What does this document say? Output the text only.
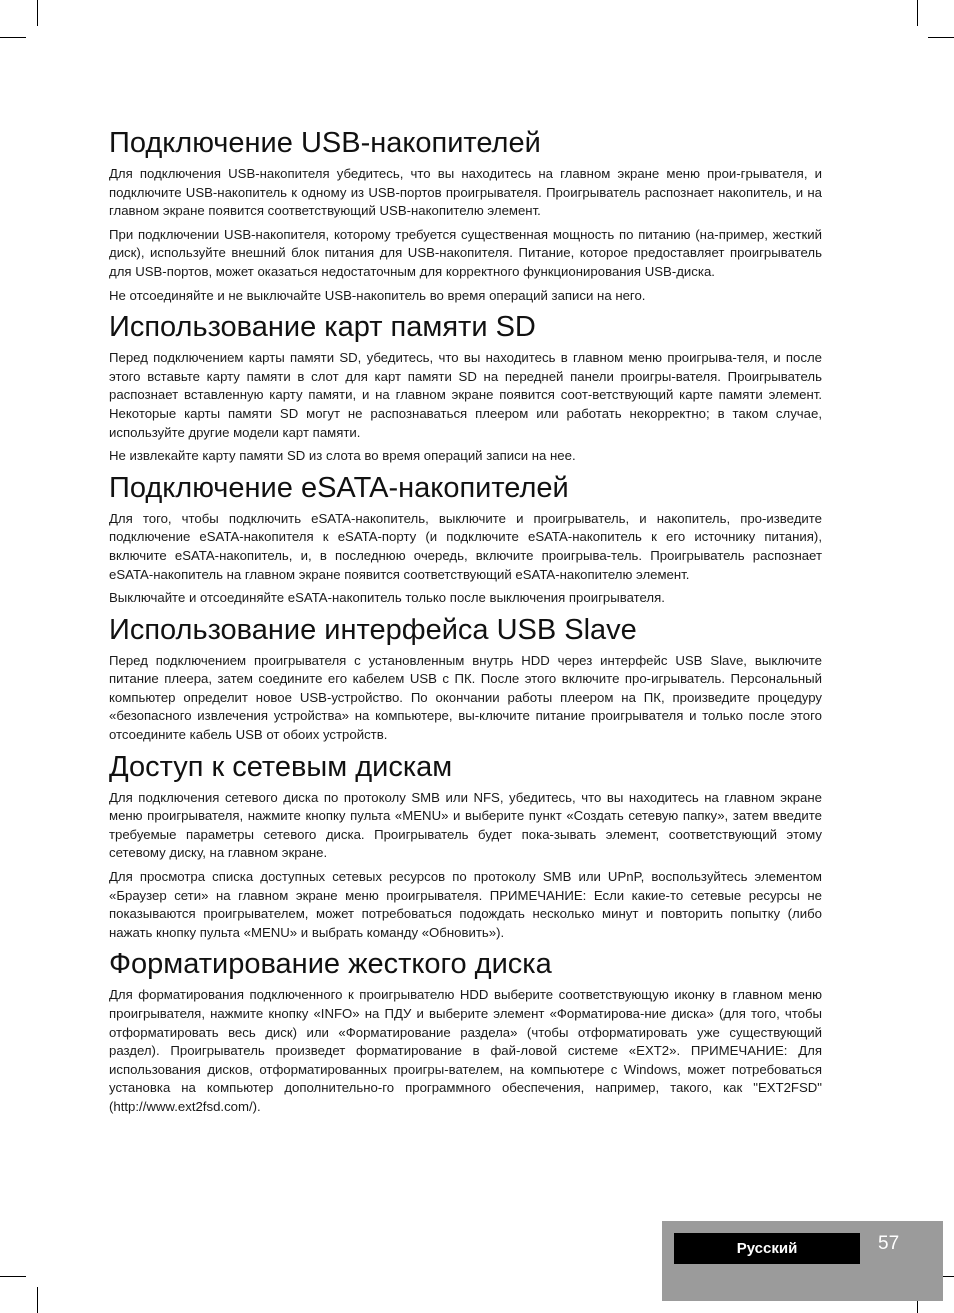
Подключение USB-накопителей

Для подключения USB-накопителя убедитесь, что вы находитесь на главном экране меню прои-грывателя, и подключите USB-накопитель к одному из USB-портов проигрывателя. Проигрыватель распознает накопитель, и на главном экране появится соответствующий USB-накопителю элемент.

При подключении USB-накопителя, которому требуется существенная мощность по питанию (на-пример, жесткий диск), используйте внешний блок питания для USB-накопителя. Питание, которое предоставляет проигрыватель для USB-портов, может оказаться недостаточным для корректного функционирования USB-диска.

Не отсоединяйте и не выключайте USB-накопитель во время операций записи на него.

Использование карт памяти SD

Перед подключением карты памяти SD, убедитесь, что вы находитесь в главном меню проигрыва-теля, и после этого вставьте карту памяти в слот для карт памяти SD на передней панели проигры-вателя. Проигрыватель распознает вставленную карту памяти, и на главном экране появится соот-ветствующий карте памяти элемент. Некоторые карты памяти SD могут не распознаваться плеером или работать некорректно; в таком случае, используйте другие модели карт памяти.

Не извлекайте карту памяти SD из слота во время операций записи на нее.

Подключение eSATA-накопителей

Для того, чтобы подключить eSATA-накопитель, выключите и проигрыватель, и накопитель, про-изведите подключение eSATA-накопителя к eSATA-порту (и подключите eSATA-накопитель к его источнику питания), включите eSATA-накопитель, и, в последнюю очередь, включите проигрыва-тель. Проигрыватель распознает eSATA-накопитель на главном экране появится соответствующий eSATA-накопителю элемент.

Выключайте и отсоединяйте eSATA-накопитель только после выключения проигрывателя.

Использование интерфейса USB Slave

Перед подключением проигрывателя с установленным внутрь HDD через интерфейс USB Slave, выключите питание плеера, затем соедините его кабелем USB с ПК. После этого включите про-игрыватель. Персональный компьютер определит новое USB-устройство. По окончании работы плеером на ПК, произведите процедуру «безопасного извлечения устройства» на компьютере, вы-ключите питание проигрывателя и только после этого отсоедините кабель USB от обоих устройств.

Доступ к сетевым дискам

Для подключения сетевого диска по протоколу SMB или NFS, убедитесь, что вы находитесь на главном экране меню проигрывателя, нажмите кнопку пульта «MENU» и выберите пункт «Создать сетевую папку», затем введите требуемые параметры сетевого диска. Проигрыватель будет пока-зывать элемент, соответствующий этому сетевому диску, на главном экране.

Для просмотра списка доступных сетевых ресурсов по протоколу SMB или UPnP, воспользуйтесь элементом «Браузер сети» на главном экране меню проигрывателя. ПРИМЕЧАНИЕ: Если какие-то сетевые ресурсы не показываются проигрывателем, может потребоваться подождать несколько минут и повторить попытку (либо нажать кнопку пульта «MENU» и выбрать команду «Обновить»).

Форматирование жесткого диска

Для форматирования подключенного к проигрывателю HDD выберите соответствующую иконку в главном меню проигрывателя, нажмите кнопку «INFO» на ПДУ и выберите элемент «Форматирова-ние диска» (для того, чтобы отформатировать весь диск) или «Форматирование раздела» (чтобы отформатировать уже существующий раздел). Проигрыватель произведет форматирование в фай-ловой системе «EXT2». ПРИМЕЧАНИЕ: Для использования дисков, отформатированных проигры-вателем, на компьютере с Windows, может потребоваться установка на компьютер дополнительно-го программного обеспечения, например, такого, как "EXT2FSD" (http://www.ext2fsd.com/).

Русский	57
